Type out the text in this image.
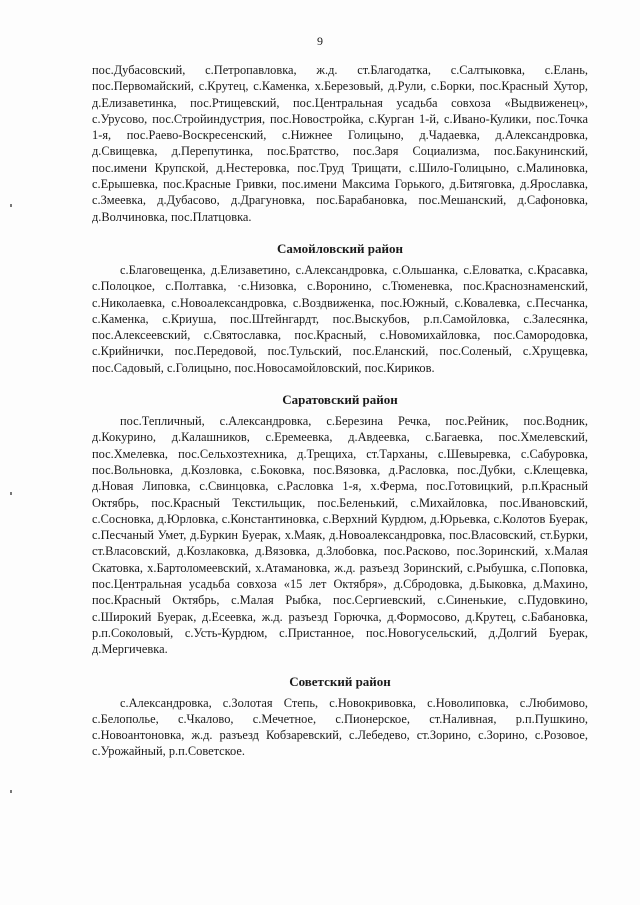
9

пос.Дубасовский, с.Петропавловка, ж.д. ст.Благодатка, с.Салтыковка, с.Елань, пос.Первомайский, с.Крутец, с.Каменка, х.Березовый, д.Рули, с.Борки, пос.Красный Хутор, д.Елизаветинка, пос.Ртищевский, пос.Центральная усадьба совхоза «Выдвиженец», с.Урусово, пос.Стройиндустрия, пос.Новостройка, с.Курган 1-й, с.Ивано-Кулики, пос.Точка 1-я, пос.Раево-Воскресенский, с.Нижнее Голицыно, д.Чадаевка, д.Александровка, д.Свищевка, д.Перепутинка, пос.Братство, пос.Заря Социализма, пос.Бакунинский, пос.имени Крупской, д.Нестеровка, пос.Труд Трищати, с.Шило-Голицыно, с.Малиновка, с.Ерышевка, пос.Красные Гривки, пос.имени Максима Горького, д.Битяговка, д.Ярославка, с.Змеевка, д.Дубасово, д.Драгуновка, пос.Барабановка, пос.Мешанский, д.Сафоновка, д.Волчиновка, пос.Платцовка.

Самойловский район

с.Благовещенка, д.Елизаветино, с.Александровка, с.Ольшанка, с.Еловатка, с.Красавка, с.Полоцкое, с.Полтавка, ·с.Низовка, с.Воронино, с.Тюменевка, пос.Краснознаменский, с.Николаевка, с.Новоалександровка, с.Воздвиженка, пос.Южный, с.Ковалевка, с.Песчанка, с.Каменка, с.Криуша, пос.Штейнгардт, пос.Выскубов, р.п.Самойловка, с.Залесянка, пос.Алексеевский, с.Святославка, пос.Красный, с.Новомихайловка, пос.Самородовка, с.Крийнички, пос.Передовой, пос.Тульский, пос.Еланский, пос.Соленый, с.Хрущевка, пос.Садовый, с.Голицыно, пос.Новосамойловский, пос.Кириков.

Саратовский район

пос.Тепличный, с.Александровка, с.Березина Речка, пос.Рейник, пос.Водник, д.Кокурино, д.Калашников, с.Еремеевка, д.Авдеевка, с.Багаевка, пос.Хмелевский, пос.Хмелевка, пос.Сельхозтехника, д.Трещиха, ст.Тарханы, с.Шевыревка, с.Сабуровка, пос.Вольновка, д.Козловка, с.Боковка, пос.Вязовка, д.Расловка, пос.Дубки, с.Клещевка, д.Новая Липовка, с.Свинцовка, с.Расловка 1-я, х.Ферма, пос.Готовицкий, р.п.Красный Октябрь, пос.Красный Текстильщик, пос.Беленький, с.Михайловка, пос.Ивановский, с.Сосновка, д.Юрловка, с.Константиновка, с.Верхний Курдюм, д.Юрьевка, с.Колотов Буерак, с.Песчаный Умет, д.Буркин Буерак, х.Маяк, д.Новоалександровка, пос.Власовский, ст.Бурки, ст.Власовский, д.Козлаковка, д.Вязовка, д.Злобовка, пос.Расково, пос.Зоринский, х.Малая Скатовка, х.Бартоломеевский, х.Атамановка, ж.д. разъезд Зоринский, с.Рыбушка, с.Поповка, пос.Центральная усадьба совхоза «15 лет Октября», д.Сбродовка, д.Быковка, д.Махино, пос.Красный Октябрь, с.Малая Рыбка, пос.Сергиевский, с.Синенькие, с.Пудовкино, с.Широкий Буерак, д.Есеевка, ж.д. разъезд Горючка, д.Формосово, д.Крутец, с.Бабановка, р.п.Соколовый, с.Усть-Курдюм, с.Пристанное, пос.Новогусельский, д.Долгий Буерак, д.Мергичевка.

Советский район

с.Александровка, с.Золотая Степь, с.Новокривовка, с.Новолиповка, с.Любимово, с.Белополье, с.Чкалово, с.Мечетное, с.Пионерское, ст.Наливная, р.п.Пушкино, с.Новоантоновка, ж.д. разъезд Кобзаревский, с.Лебедево, ст.Зорино, с.Зорино, с.Розовое, с.Урожайный, р.п.Советское.
